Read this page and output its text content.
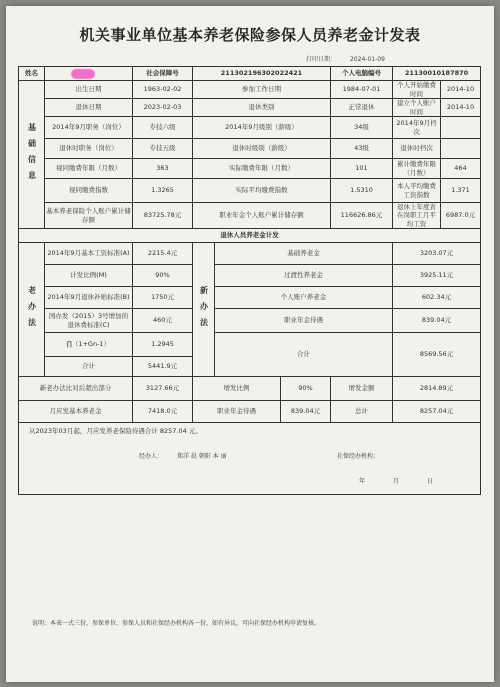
机关事业单位基本养老保险参保人员养老金计发表
打印日期： 2024-01-09
姓名		社会保障号	211302196302022421			个人电脑编号	21130010187870	
基础信息	出生日期	1963-02-02	参加工作日期			1984-07-01	个人开始缴费时间	2014-10
	退休日期	2023-02-03	退休类别			正常退休	建立个人账户时间	2014-10
	2014年9月职务（岗位）	专技六级	2014年9月级别（薪级）			34级	2014年9月档次	
	退休时职务（岗位）	专技五级	退休时级别（薪级）			43级	退休时档次	
	视同缴费年限（月数）	363	实际缴费年限（月数）			101	累计缴费年限（月数）	464
	视同缴费指数	1.3265	实际平均缴费指数			1.5310	本人平均缴费工资指数	1.371
	基本养老保险个人账户累计储存额	83725.78元	职业年金个人账户累计储存额			116626.86元	退休上年度省在岗职工月平均工资	6987.0元
退休人员养老金计发								
老办法	2014年9月基本工资标准(A)	2215.4元	新办法	基础养老金			3203.07元	
	计发比例(M)	90%		过渡性养老金			3925.11元	
	2014年9月退休补贴标准(B)	1750元		个人账户养老金			602.34元	
	国办发（2015）3号增加的退休费标准(C)	460元		职业年金待遇			839.04元	
	∏（1+Gn-1）	1.2945		合计			8569.56元	
	合计	5441.9元						
新老办法比对后超出部分		3127.66元	增发比例		90%	增发金额	2814.89元	
月应发基本养老金		7418.0元	职业年金待遇		839.04元	总计	8257.04元	

从2023年03月起，月应发养老保险待遇合计 8257.04 元。
经办人： 郑洋 晨 朝阳 本 丽 社保经办机构：
年 月 日								
说明：本表一式三份，参保单位、参保人员和社保经办机构各一份，如有异议，可向社保经办机构申请复核。
